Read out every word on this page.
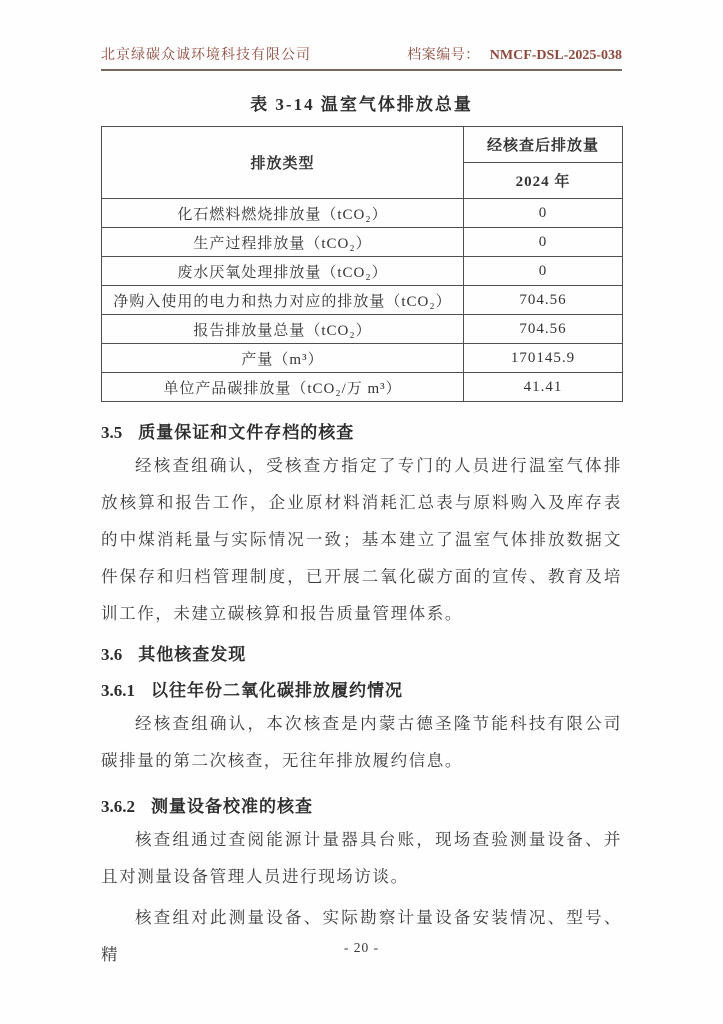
北京绿碳众诚环境科技有限公司	档案编号： NMCF-DSL-2025-038
表 3-14 温室气体排放总量
排放类型	经核查后排放量
	2024 年
化石燃料燃烧排放量（tCO₂）	0
生产过程排放量（tCO₂）	0
废水厌氧处理排放量（tCO₂）	0
净购入使用的电力和热力对应的排放量（tCO₂）	704.56
报告排放量总量（tCO₂）	704.56
产量（m³）	170145.9
单位产品碳排放量（tCO₂/万 m³）	41.41
3.5 质量保证和文件存档的核查

经核查组确认，受核查方指定了专门的人员进行温室气体排放核算和报告工作，企业原材料消耗汇总表与原料购入及库存表的中煤消耗量与实际情况一致；基本建立了温室气体排放数据文件保存和归档管理制度，已开展二氧化碳方面的宣传、教育及培训工作，未建立碳核算和报告质量管理体系。

3.6 其他核查发现
3.6.1 以往年份二氧化碳排放履约情况

经核查组确认，本次核查是内蒙古德圣隆节能科技有限公司碳排量的第二次核查，无往年排放履约信息。

3.6.2 测量设备校准的核查

核查组通过查阅能源计量器具台账，现场查验测量设备、并且对测量设备管理人员进行现场访谈。

核查组对此测量设备、实际勘察计量设备安装情况、型号、精	- 20 -
